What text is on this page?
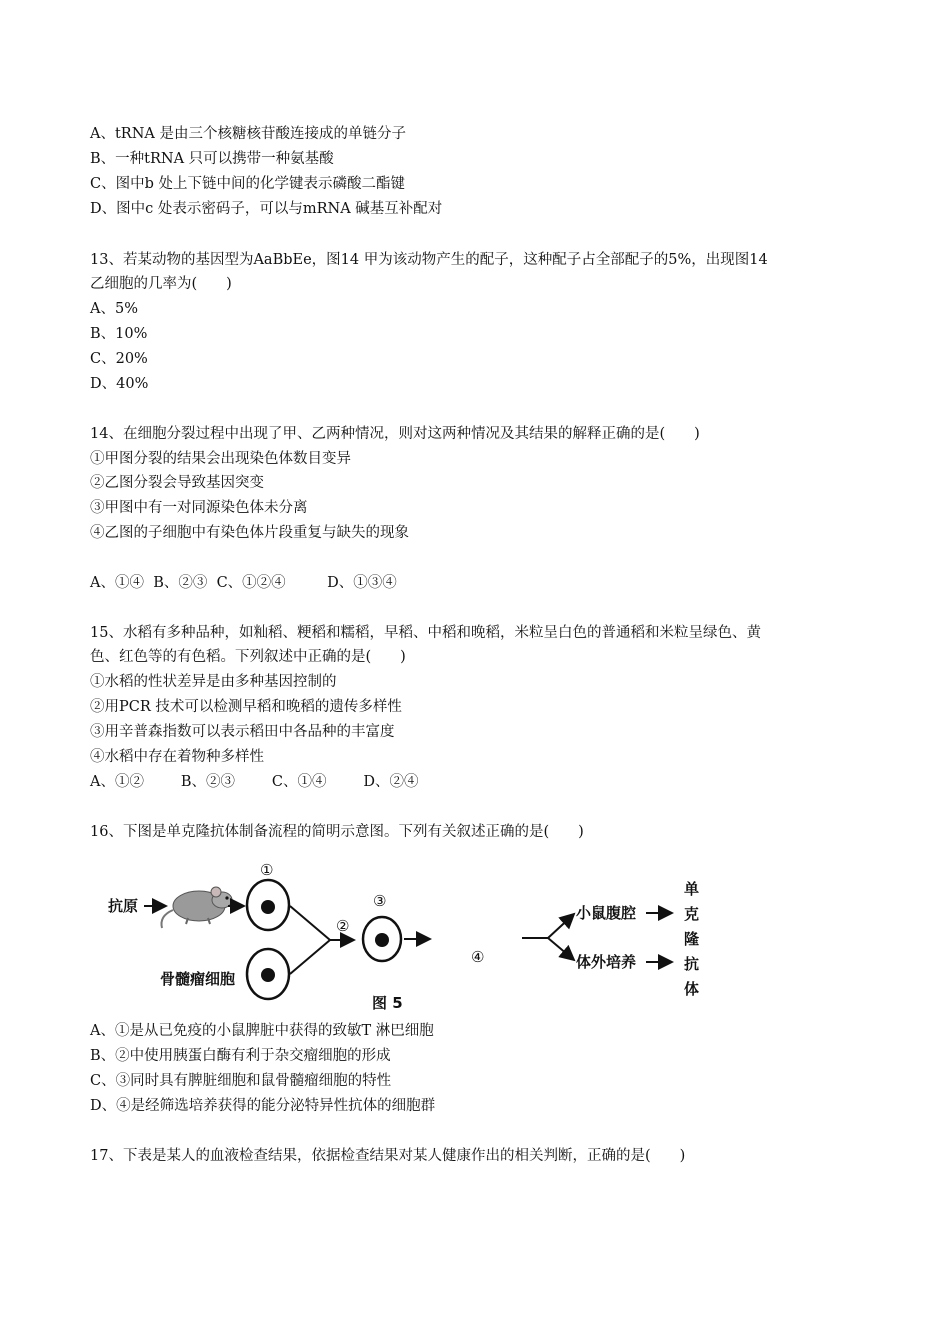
A、tRNA 是由三个核糖核苷酸连接成的单链分子
B、一种tRNA 只可以携带一种氨基酸
C、图中b 处上下链中间的化学键表示磷酸二酯键
D、图中c 处表示密码子，可以与mRNA 碱基互补配对
13、若某动物的基因型为AaBbEe，图14 甲为该动物产生的配子，这种配子占全部配子的5%，出现图14
乙细胞的几率为(　　)
A、5%
B、10%
C、20%
D、40%
14、在细胞分裂过程中出现了甲、乙两种情况，则对这两种情况及其结果的解释正确的是(　　)
①甲图分裂的结果会出现染色体数目变异
②乙图分裂会导致基因突变
③甲图中有一对同源染色体未分离
④乙图的子细胞中有染色体片段重复与缺失的现象
A、①④  B、②③  C、①②④         D、①③④
15、水稻有多种品种，如籼稻、粳稻和糯稻，早稻、中稻和晚稻，米粒呈白色的普通稻和米粒呈绿色、黄
色、红色等的有色稻。下列叙述中正确的是(　　)
①水稻的性状差异是由多种基因控制的
②用PCR 技术可以检测早稻和晚稻的遗传多样性
③用辛普森指数可以表示稻田中各品种的丰富度
④水稻中存在着物种多样性
A、①②        B、②③        C、①④        D、②④
16、下图是单克隆抗体制备流程的简明示意图。下列有关叙述正确的是(　　)
抗原
①
骨髓瘤细胞
②
③
④
小鼠腹腔
体外培养
单
克
隆
抗
体
图 5
A、①是从已免疫的小鼠脾脏中获得的致敏T 淋巴细胞
B、②中使用胰蛋白酶有利于杂交瘤细胞的形成
C、③同时具有脾脏细胞和鼠骨髓瘤细胞的特性
D、④是经筛选培养获得的能分泌特异性抗体的细胞群
17、下表是某人的血液检查结果，依据检查结果对某人健康作出的相关判断，正确的是(　　)
